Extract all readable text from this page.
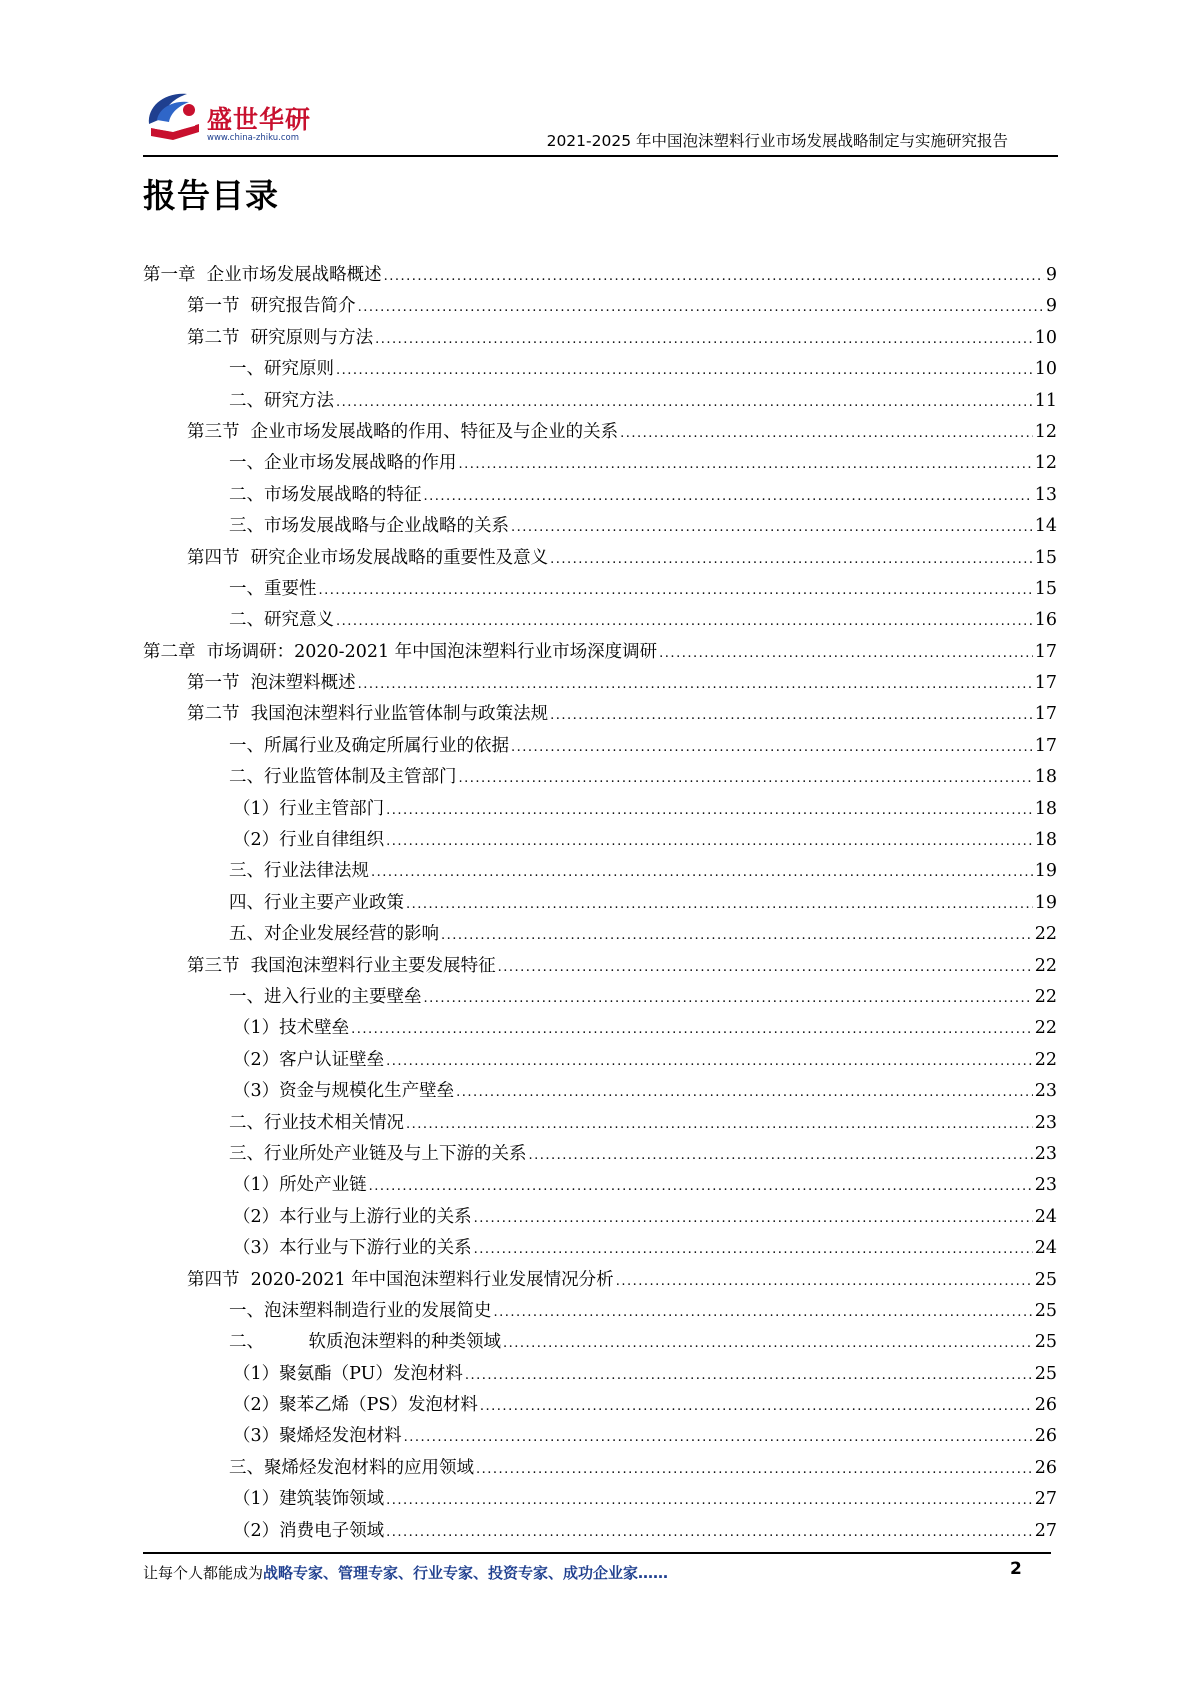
盛世华研
www.china-zhiku.com	2021-2025 年中国泡沫塑料行业市场发展战略制定与实施研究报告
报告目录
第一章  企业市场发展战略概述 .....	9
第一节  研究报告简介 .....	9
第二节  研究原则与方法 .....	10
一、研究原则 .....	10
二、研究方法 .....	11
第三节  企业市场发展战略的作用、特征及与企业的关系 .....	12
一、企业市场发展战略的作用 .....	12
二、市场发展战略的特征 .....	13
三、市场发展战略与企业战略的关系 .....	14
第四节  研究企业市场发展战略的重要性及意义 .....	15
一、重要性 .....	15
二、研究意义 .....	16
第二章  市场调研：2020-2021 年中国泡沫塑料行业市场深度调研 .....	17
第一节  泡沫塑料概述 .....	17
第二节  我国泡沫塑料行业监管体制与政策法规 .....	17
一、所属行业及确定所属行业的依据 .....	17
二、行业监管体制及主管部门 .....	18
（1）行业主管部门 .....	18
（2）行业自律组织 .....	18
三、行业法律法规 .....	19
四、行业主要产业政策 .....	19
五、对企业发展经营的影响 .....	22
第三节  我国泡沫塑料行业主要发展特征 .....	22
一、进入行业的主要壁垒 .....	22
（1）技术壁垒 .....	22
（2）客户认证壁垒 .....	22
（3）资金与规模化生产壁垒 .....	23
二、行业技术相关情况 .....	23
三、行业所处产业链及与上下游的关系 .....	23
（1）所处产业链 .....	23
（2）本行业与上游行业的关系 .....	24
（3）本行业与下游行业的关系 .....	24
第四节  2020-2021 年中国泡沫塑料行业发展情况分析 .....	25
一、泡沫塑料制造行业的发展简史 .....	25
二、        软质泡沫塑料的种类领域 .....	25
（1）聚氨酯（PU）发泡材料 .....	25
（2）聚苯乙烯（PS）发泡材料 .....	26
（3）聚烯烃发泡材料 .....	26
三、聚烯烃发泡材料的应用领域 .....	26
（1）建筑装饰领域 .....	27
（2）消费电子领域 .....	27
让每个人都能成为战略专家、管理专家、行业专家、投资专家、成功企业家……	2
